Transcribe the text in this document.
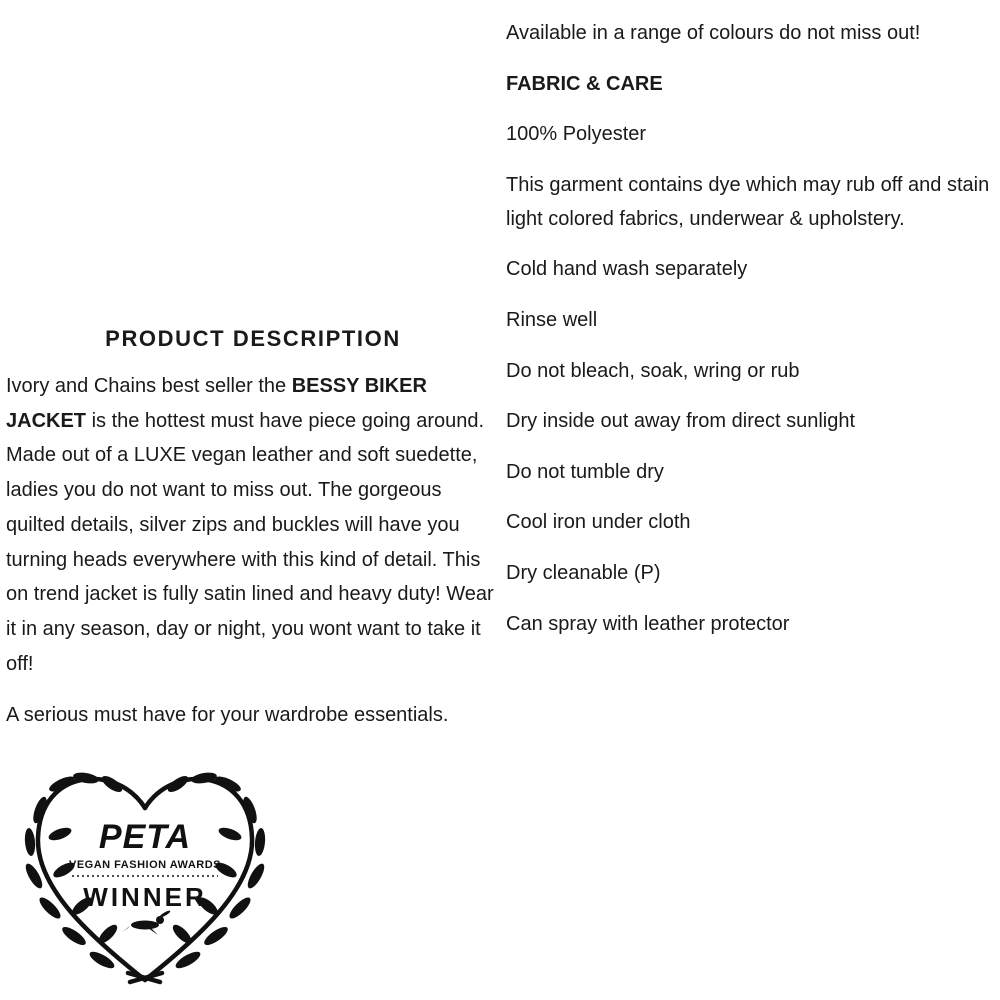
PRODUCT DESCRIPTION

Ivory and Chains best seller the BESSY BIKER JACKET is the hottest must have piece going around. Made out of a LUXE vegan leather and soft suedette, ladies you do not want to miss out. The gorgeous quilted details, silver zips and buckles will have you turning heads everywhere with this kind of detail. This on trend jacket is fully satin lined and heavy duty! Wear it in any season, day or night, you wont want to take it off!

A serious must have for your wardrobe essentials.

Available in a range of colours do not miss out!
FABRIC & CARE
100% Polyester
This garment contains dye which may rub off and stain light colored fabrics, underwear & upholstery.
Cold hand wash separately
Rinse well
Do not bleach, soak, wring or rub
Dry inside out away from direct sunlight
Do not tumble dry
Cool iron under cloth
Dry cleanable (P)
Can spray with leather protector
PETA
VEGAN FASHION AWARDS
WINNER
